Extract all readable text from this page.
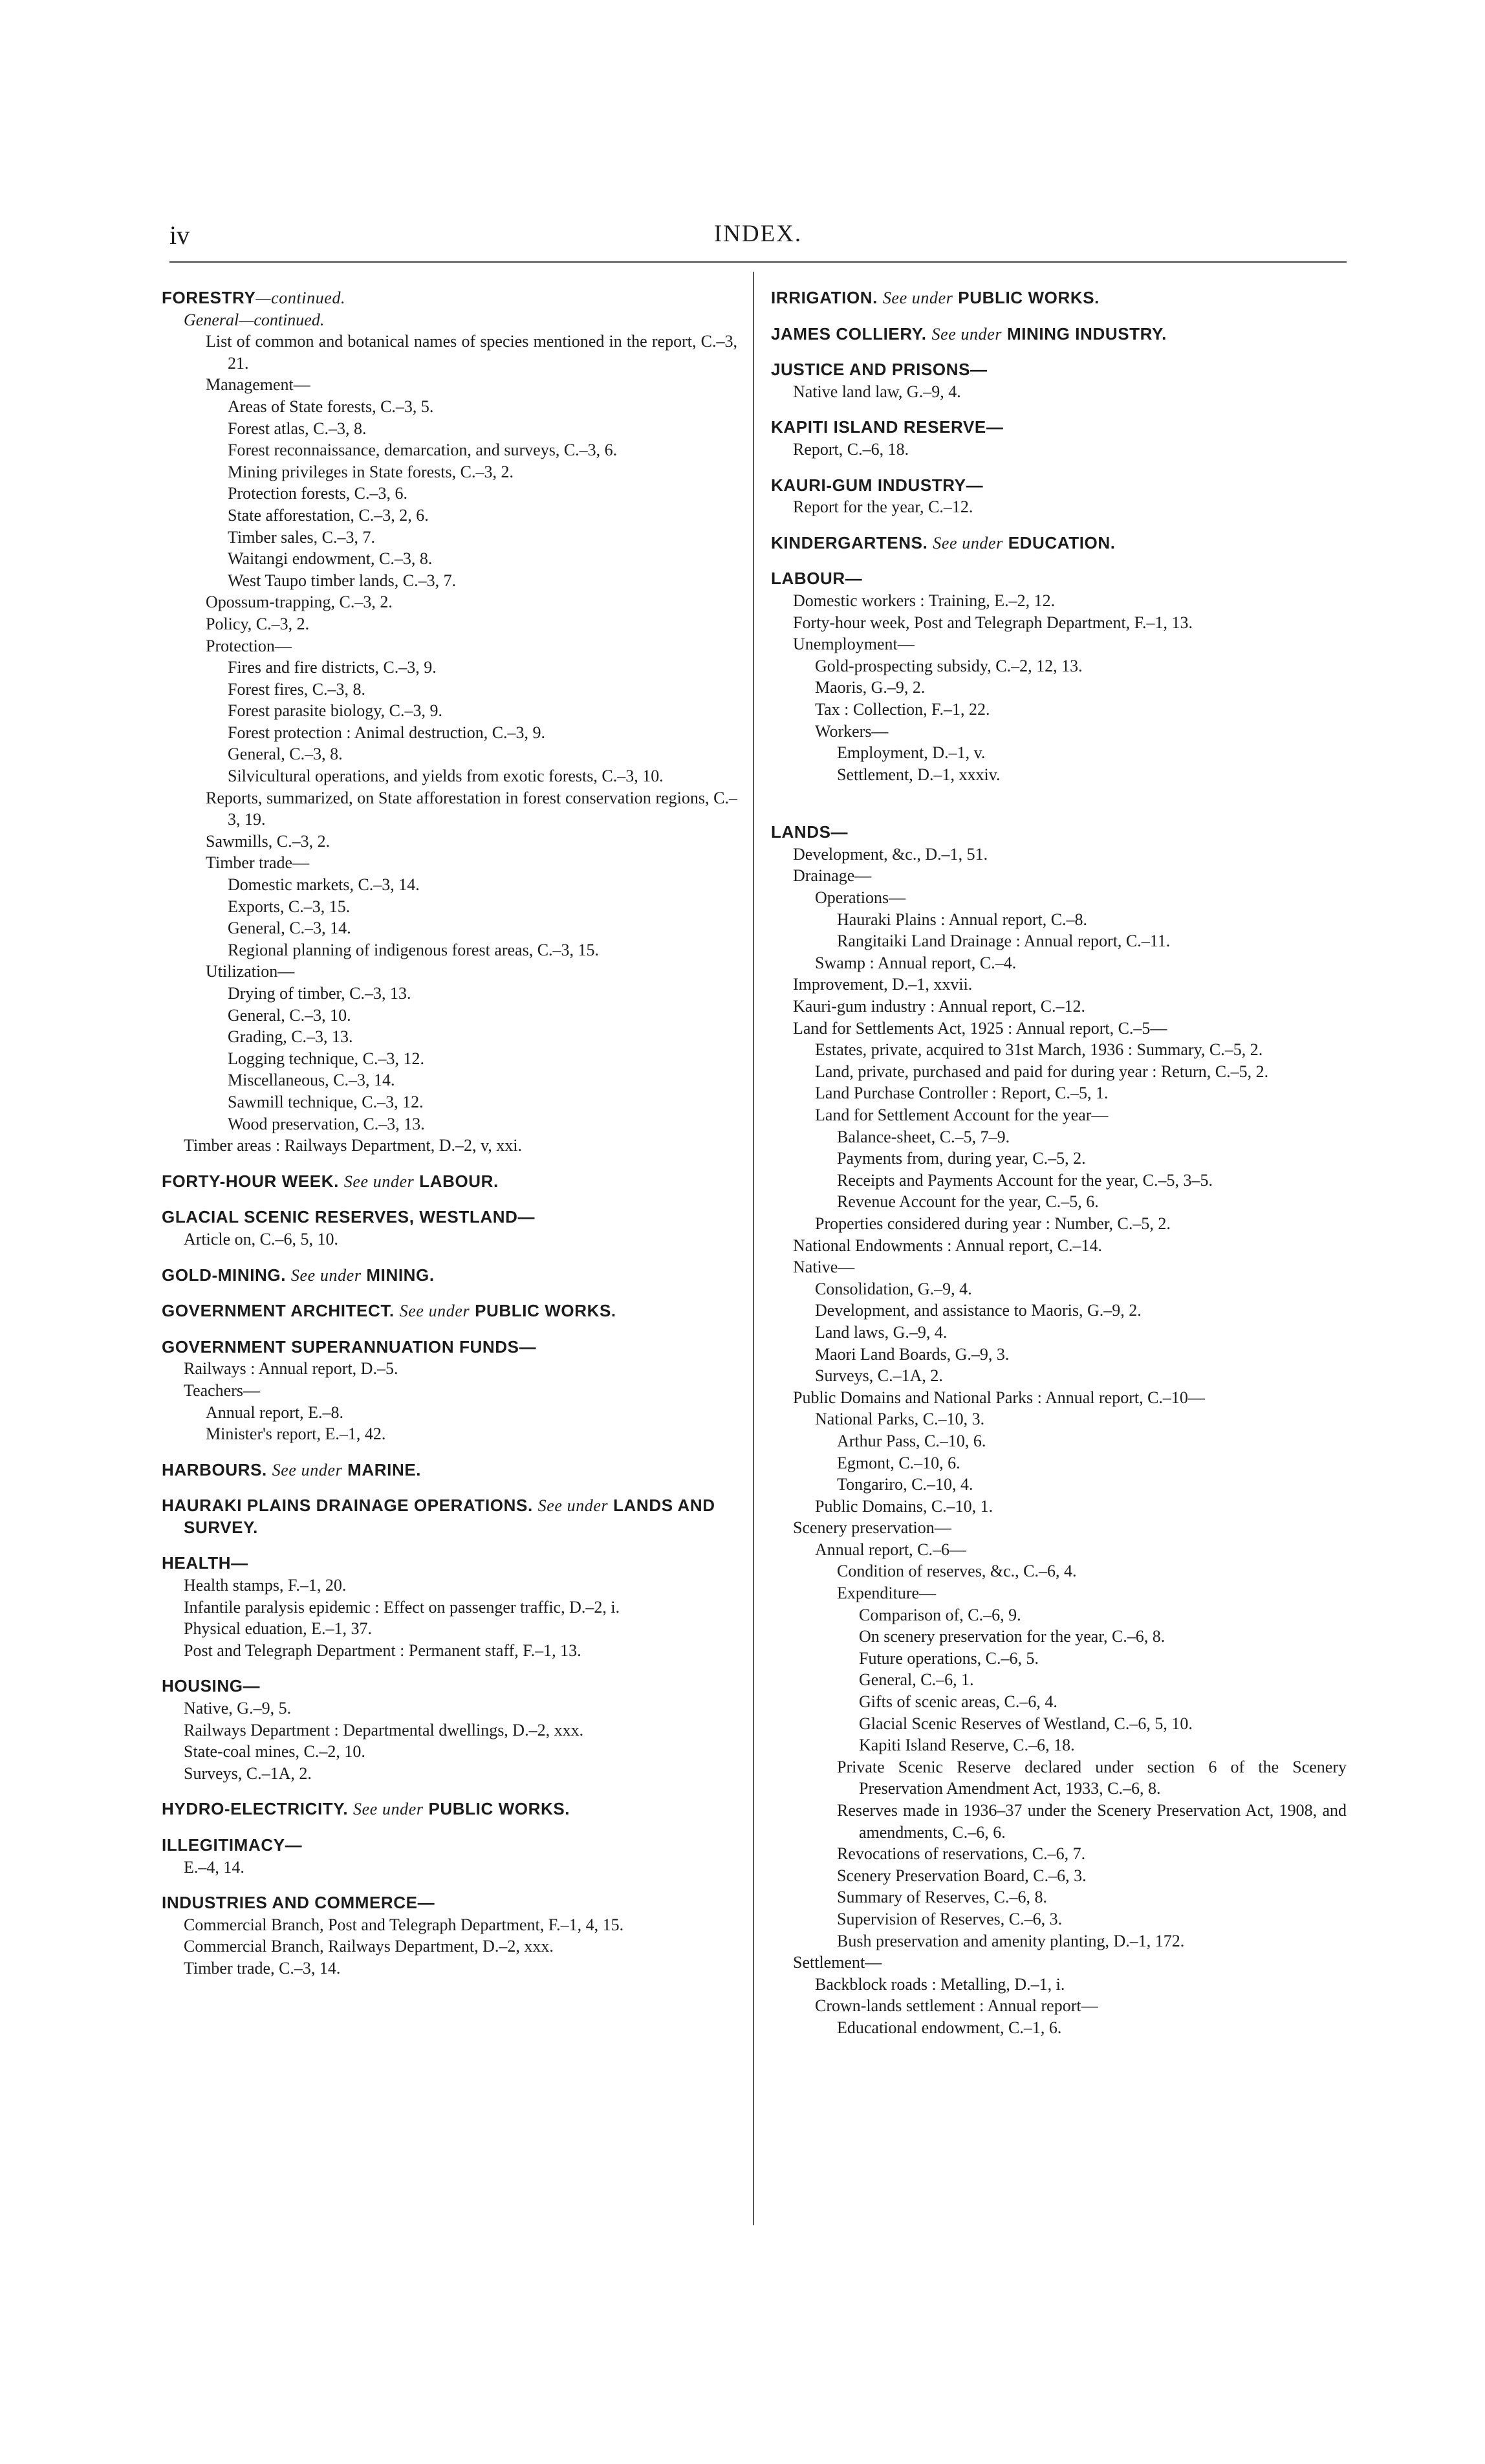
iv	INDEX.
FORESTRY—continued.
General—continued.
List of common and botanical names of species mentioned in the report, C.–3, 21.
Management—
Areas of State forests, C.–3, 5.
Forest atlas, C.–3, 8.
Forest reconnaissance, demarcation, and surveys, C.–3, 6.
Mining privileges in State forests, C.–3, 2.
Protection forests, C.–3, 6.
State afforestation, C.–3, 2, 6.
Timber sales, C.–3, 7.
Waitangi endowment, C.–3, 8.
West Taupo timber lands, C.–3, 7.
Opossum-trapping, C.–3, 2.
Policy, C.–3, 2.
Protection—
Fires and fire districts, C.–3, 9.
Forest fires, C.–3, 8.
Forest parasite biology, C.–3, 9.
Forest protection : Animal destruction, C.–3, 9.
General, C.–3, 8.
Silvicultural operations, and yields from exotic forests, C.–3, 10.
Reports, summarized, on State afforestation in forest conservation regions, C.–3, 19.
Sawmills, C.–3, 2.
Timber trade—
Domestic markets, C.–3, 14.
Exports, C.–3, 15.
General, C.–3, 14.
Regional planning of indigenous forest areas, C.–3, 15.
Utilization—
Drying of timber, C.–3, 13.
General, C.–3, 10.
Grading, C.–3, 13.
Logging technique, C.–3, 12.
Miscellaneous, C.–3, 14.
Sawmill technique, C.–3, 12.
Wood preservation, C.–3, 13.
Timber areas : Railways Department, D.–2, v, xxi.
FORTY-HOUR WEEK. See under LABOUR.
GLACIAL SCENIC RESERVES, WESTLAND—
Article on, C.–6, 5, 10.
GOLD-MINING. See under MINING.
GOVERNMENT ARCHITECT. See under PUBLIC WORKS.
GOVERNMENT SUPERANNUATION FUNDS—
Railways : Annual report, D.–5.
Teachers—
Annual report, E.–8.
Minister's report, E.–1, 42.
HARBOURS. See under MARINE.
HAURAKI PLAINS DRAINAGE OPERATIONS. See under LANDS AND SURVEY.
HEALTH—
Health stamps, F.–1, 20.
Infantile paralysis epidemic : Effect on passenger traffic, D.–2, i.
Physical eduation, E.–1, 37.
Post and Telegraph Department : Permanent staff, F.–1, 13.
HOUSING—
Native, G.–9, 5.
Railways Department : Departmental dwellings, D.–2, xxx.
State-coal mines, C.–2, 10.
Surveys, C.–1A, 2.
HYDRO-ELECTRICITY. See under PUBLIC WORKS.
ILLEGITIMACY—
E.–4, 14.
INDUSTRIES AND COMMERCE—
Commercial Branch, Post and Telegraph Department, F.–1, 4, 15.
Commercial Branch, Railways Department, D.–2, xxx.
Timber trade, C.–3, 14.
IRRIGATION. See under PUBLIC WORKS.
JAMES COLLIERY. See under MINING INDUSTRY.
JUSTICE AND PRISONS—
Native land law, G.–9, 4.
KAPITI ISLAND RESERVE—
Report, C.–6, 18.
KAURI-GUM INDUSTRY—
Report for the year, C.–12.
KINDERGARTENS. See under EDUCATION.
LABOUR—
Domestic workers : Training, E.–2, 12.
Forty-hour week, Post and Telegraph Department, F.–1, 13.
Unemployment—
Gold-prospecting subsidy, C.–2, 12, 13.
Maoris, G.–9, 2.
Tax : Collection, F.–1, 22.
Workers—
Employment, D.–1, v.
Settlement, D.–1, xxxiv.
LANDS—
Development, &c., D.–1, 51.
Drainage—
Operations—
Hauraki Plains : Annual report, C.–8.
Rangitaiki Land Drainage : Annual report, C.–11.
Swamp : Annual report, C.–4.
Improvement, D.–1, xxvii.
Kauri-gum industry : Annual report, C.–12.
Land for Settlements Act, 1925 : Annual report, C.–5—
Estates, private, acquired to 31st March, 1936 : Summary, C.–5, 2.
Land, private, purchased and paid for during year : Return, C.–5, 2.
Land Purchase Controller : Report, C.–5, 1.
Land for Settlement Account for the year—
Balance-sheet, C.–5, 7–9.
Payments from, during year, C.–5, 2.
Receipts and Payments Account for the year, C.–5, 3–5.
Revenue Account for the year, C.–5, 6.
Properties considered during year : Number, C.–5, 2.
National Endowments : Annual report, C.–14.
Native—
Consolidation, G.–9, 4.
Development, and assistance to Maoris, G.–9, 2.
Land laws, G.–9, 4.
Maori Land Boards, G.–9, 3.
Surveys, C.–1A, 2.
Public Domains and National Parks : Annual report, C.–10—
National Parks, C.–10, 3.
Arthur Pass, C.–10, 6.
Egmont, C.–10, 6.
Tongariro, C.–10, 4.
Public Domains, C.–10, 1.
Scenery preservation—
Annual report, C.–6—
Condition of reserves, &c., C.–6, 4.
Expenditure—
Comparison of, C.–6, 9.
On scenery preservation for the year, C.–6, 8.
Future operations, C.–6, 5.
General, C.–6, 1.
Gifts of scenic areas, C.–6, 4.
Glacial Scenic Reserves of Westland, C.–6, 5, 10.
Kapiti Island Reserve, C.–6, 18.
Private Scenic Reserve declared under section 6 of the Scenery Preservation Amendment Act, 1933, C.–6, 8.
Reserves made in 1936–37 under the Scenery Preservation Act, 1908, and amendments, C.–6, 6.
Revocations of reservations, C.–6, 7.
Scenery Preservation Board, C.–6, 3.
Summary of Reserves, C.–6, 8.
Supervision of Reserves, C.–6, 3.
Bush preservation and amenity planting, D.–1, 172.
Settlement—
Backblock roads : Metalling, D.–1, i.
Crown-lands settlement : Annual report—
Educational endowment, C.–1, 6.
